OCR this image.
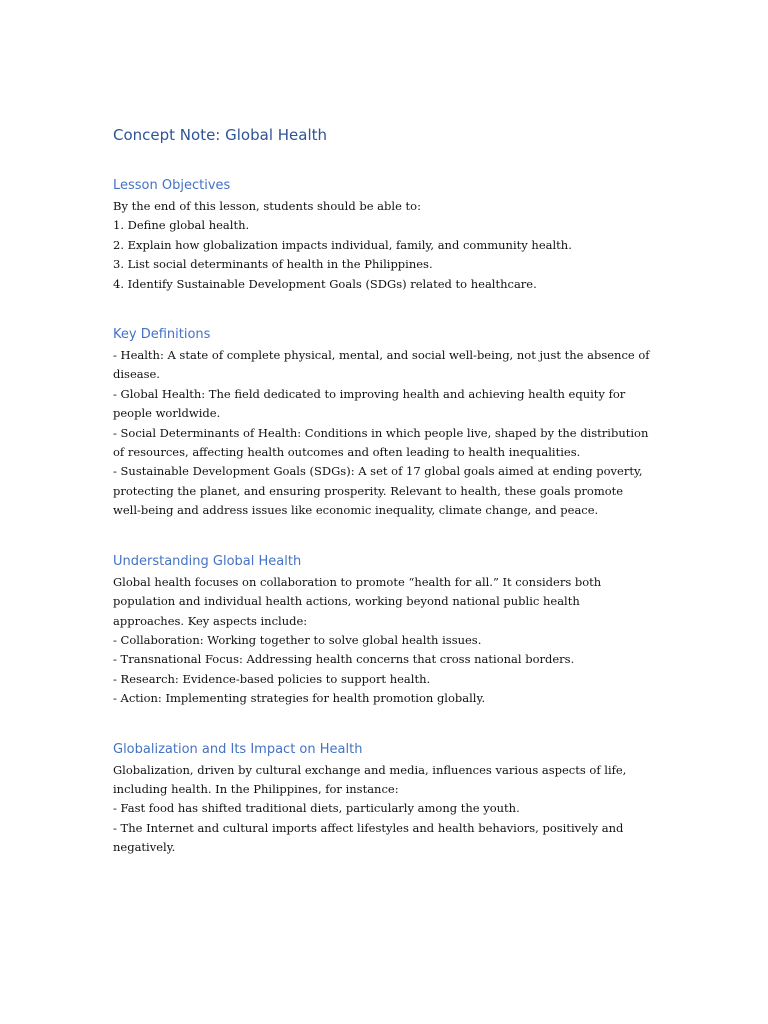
Concept Note: Global Health
Lesson Objectives
By the end of this lesson, students should be able to:
1. Define global health.
2. Explain how globalization impacts individual, family, and community health.
3. List social determinants of health in the Philippines.
4. Identify Sustainable Development Goals (SDGs) related to healthcare.
Key Definitions
- Health: A state of complete physical, mental, and social well-being, not just the absence of
disease.
- Global Health: The field dedicated to improving health and achieving health equity for
people worldwide.
- Social Determinants of Health: Conditions in which people live, shaped by the distribution
of resources, affecting health outcomes and often leading to health inequalities.
- Sustainable Development Goals (SDGs): A set of 17 global goals aimed at ending poverty,
protecting the planet, and ensuring prosperity. Relevant to health, these goals promote
well-being and address issues like economic inequality, climate change, and peace.
Understanding Global Health
Global health focuses on collaboration to promote “health for all.” It considers both
population and individual health actions, working beyond national public health
approaches. Key aspects include:
- Collaboration: Working together to solve global health issues.
- Transnational Focus: Addressing health concerns that cross national borders.
- Research: Evidence-based policies to support health.
- Action: Implementing strategies for health promotion globally.
Globalization and Its Impact on Health
Globalization, driven by cultural exchange and media, influences various aspects of life,
including health. In the Philippines, for instance:
- Fast food has shifted traditional diets, particularly among the youth.
- The Internet and cultural imports affect lifestyles and health behaviors, positively and
negatively.
